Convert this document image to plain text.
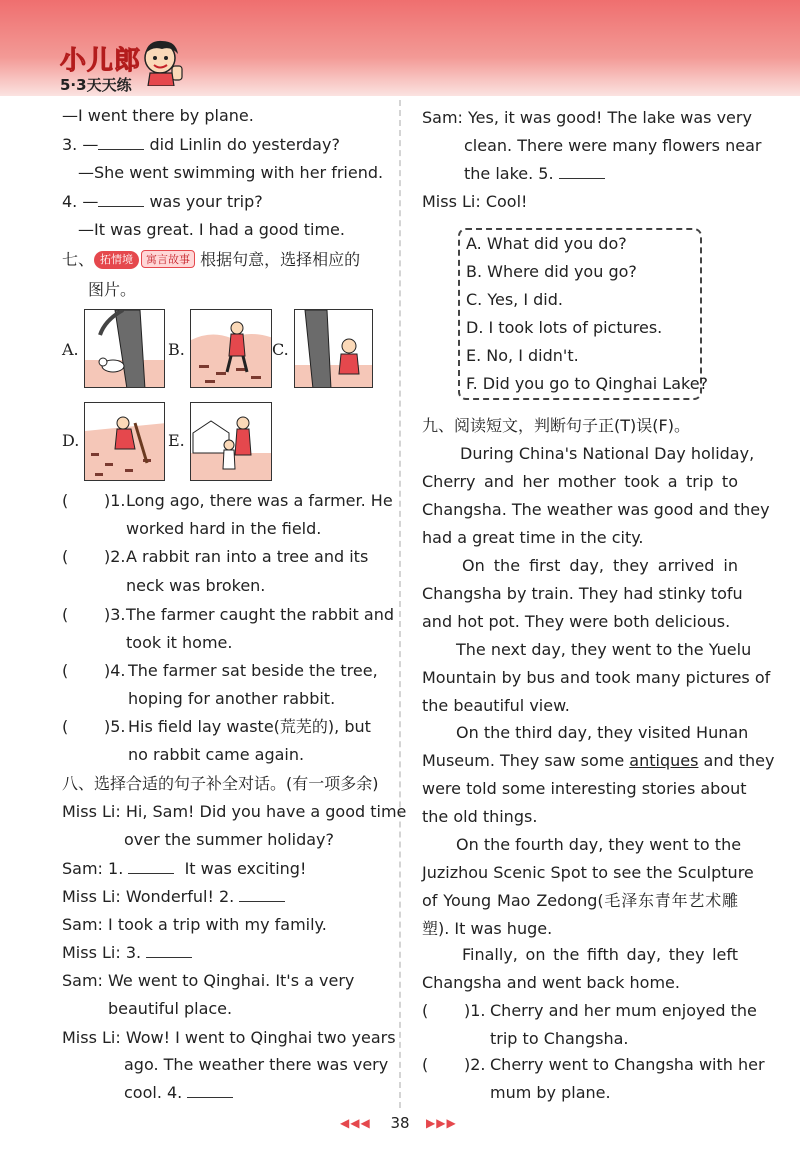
小儿郎
5·3天天练
—I went there by plane.
3. —	did Linlin do yesterday?
—She went swimming with her friend.
4. —	was your trip?
—It was great. I had a good time.
七、 拓情境 寓言故事 根据句意，选择相应的
图片。
A.	B.	C.
D.	E.
( )1. Long ago, there was a farmer. He
worked hard in the field.
( )2. A rabbit ran into a tree and its
neck was broken.
( )3. The farmer caught the rabbit and
took it home.
( )4. The farmer sat beside the tree,
hoping for another rabbit.
( )5. His field lay waste(荒芜的), but
no rabbit came again.
八、选择合适的句子补全对话。(有一项多余)
Miss Li: Hi, Sam! Did you have a good time
over the summer holiday?
Sam: 1.	It was exciting!
Miss Li: Wonderful! 2.
Sam: I took a trip with my family.
Miss Li: 3.
Sam: We went to Qinghai. It's a very
beautiful place.
Miss Li: Wow! I went to Qinghai two years
ago. The weather there was very
cool. 4.
Sam: Yes, it was good! The lake was very
clean. There were many flowers near
the lake. 5.
Miss Li: Cool!
A. What did you do?
B. Where did you go?
C. Yes, I did.
D. I took lots of pictures.
E. No, I didn't.
F. Did you go to Qinghai Lake?
九、阅读短文，判断句子正(T)误(F)。
During China's National Day holiday,
Cherry and her mother took a trip to
Changsha. The weather was good and they
had a great time in the city.
On the first day, they arrived in
Changsha by train. They had stinky tofu
and hot pot. They were both delicious.
The next day, they went to the Yuelu
Mountain by bus and took many pictures of
the beautiful view.
On the third day, they visited Hunan
Museum. They saw some antiques and they
were told some interesting stories about
the old things.
On the fourth day, they went to the
Juzizhou Scenic Spot to see the Sculpture
of Young Mao Zedong(毛泽东青年艺术雕
塑). It was huge.
Finally, on the fifth day, they left
Changsha and went back home.
( )1. Cherry and her mum enjoyed the
trip to Changsha.
( )2. Cherry went to Changsha with her
mum by plane.
◀◀◀ 38 ▶▶▶
